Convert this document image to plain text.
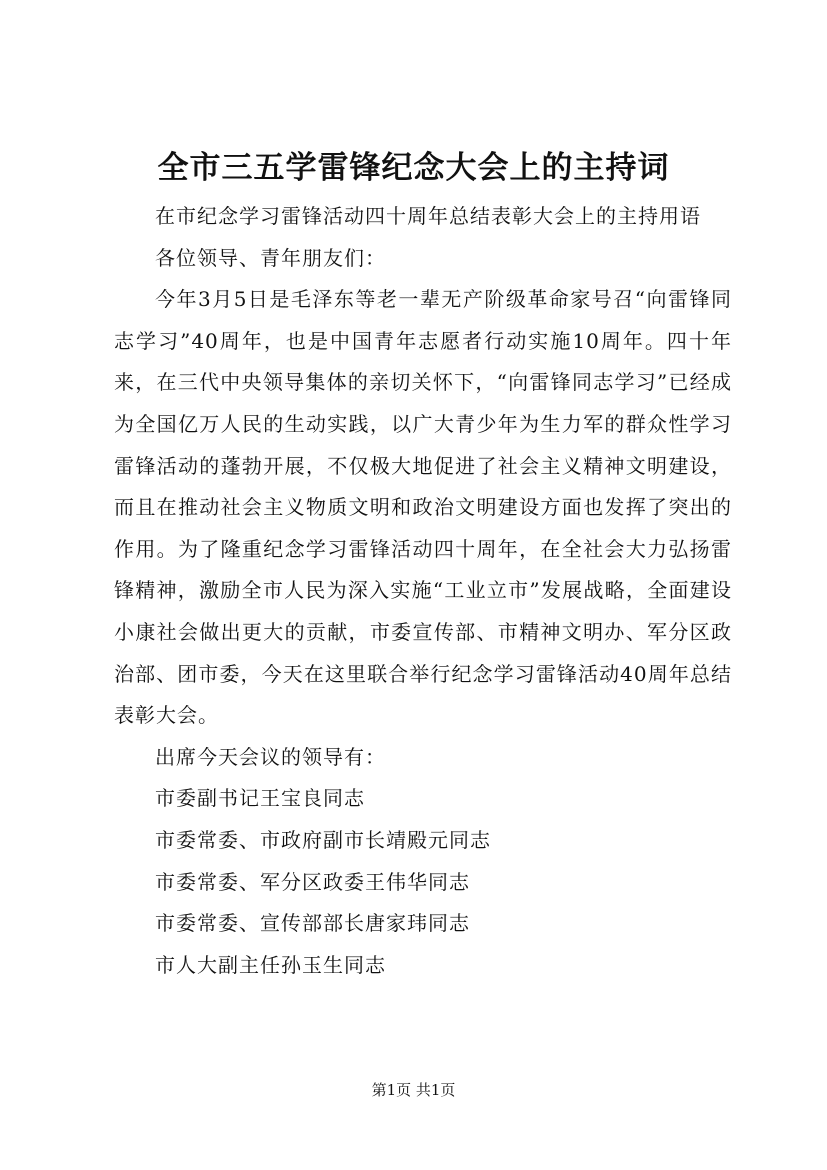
全市三五学雷锋纪念大会上的主持词

在市纪念学习雷锋活动四十周年总结表彰大会上的主持用语

各位领导、青年朋友们：

今年3月5日是毛泽东等老一辈无产阶级革命家号召“向雷锋同志学习”40周年，也是中国青年志愿者行动实施10周年。四十年来，在三代中央领导集体的亲切关怀下，“向雷锋同志学习”已经成为全国亿万人民的生动实践，以广大青少年为生力军的群众性学习雷锋活动的蓬勃开展，不仅极大地促进了社会主义精神文明建设，而且在推动社会主义物质文明和政治文明建设方面也发挥了突出的作用。为了隆重纪念学习雷锋活动四十周年，在全社会大力弘扬雷锋精神，激励全市人民为深入实施“工业立市”发展战略，全面建设小康社会做出更大的贡献，市委宣传部、市精神文明办、军分区政治部、团市委，今天在这里联合举行纪念学习雷锋活动40周年总结表彰大会。

出席今天会议的领导有：

市委副书记王宝良同志

市委常委、市政府副市长靖殿元同志

市委常委、军分区政委王伟华同志

市委常委、宣传部部长唐家玮同志

市人大副主任孙玉生同志

第1页 共1页
